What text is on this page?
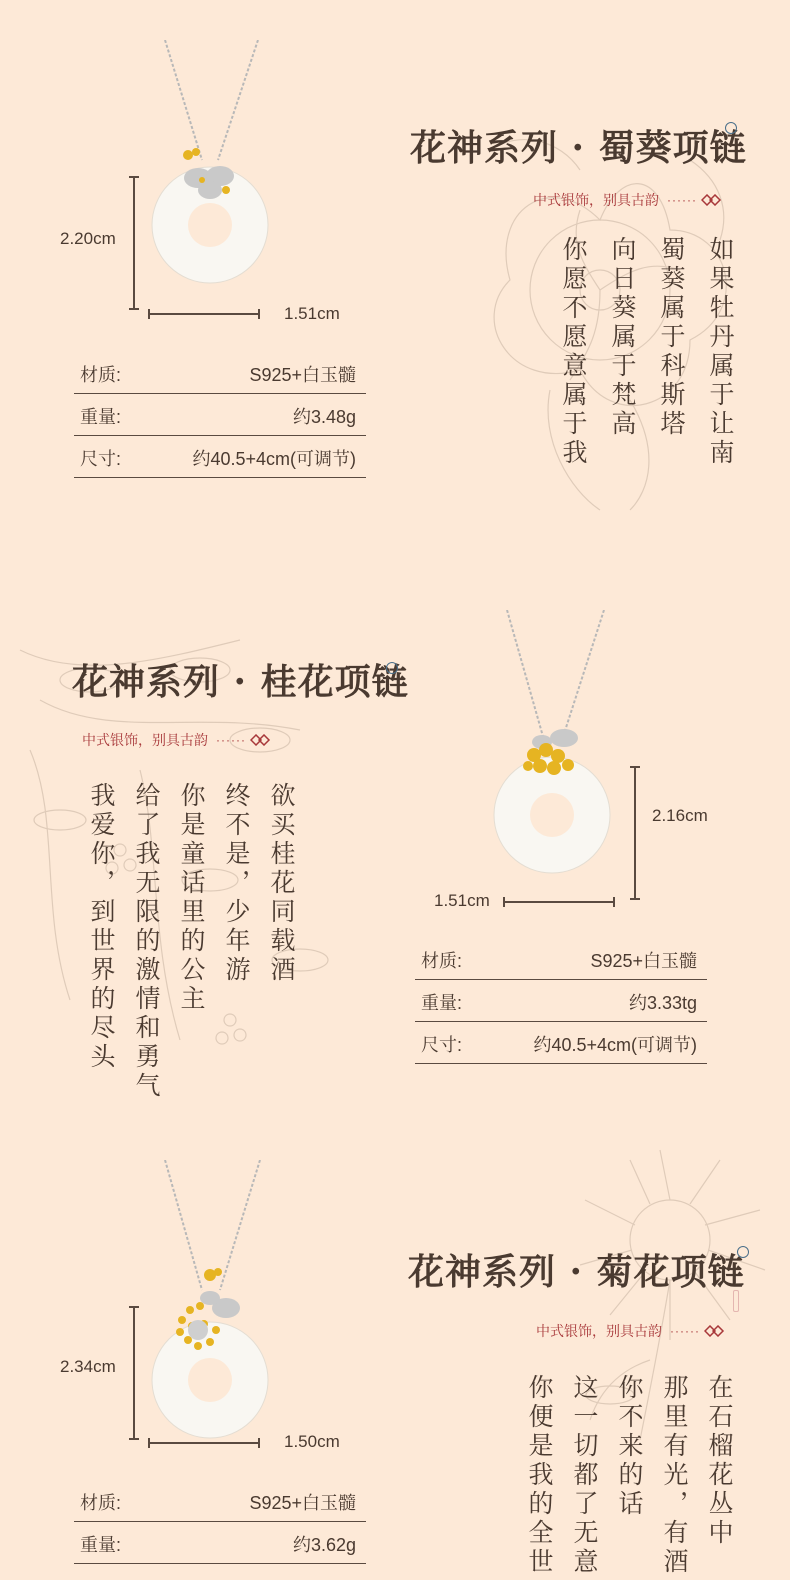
2.20cm
1.51cm
材质:	S925+白玉髓
重量:	约3.48g
尺寸:	约40.5+4cm(可调节)
花神系列 · 蜀葵项链
中式银饰，别具古韵 ······
如果牡丹属于让南
蜀葵属于科斯塔
向日葵属于梵高
你愿不愿意属于我
花神系列 · 桂花项链
中式银饰，别具古韵 ······
欲买桂花同载酒
终不是，少年游
你是童话里的公主
给了我无限的激情和勇气
我爱你，到世界的尽头	2.16cm
1.51cm
材质:	S925+白玉髓
重量:	约3.33tg
尺寸:	约40.5+4cm(可调节)
2.34cm
1.50cm
材质:	S925+白玉髓
重量:	约3.62g
花神系列 · 菊花项链
中式银饰，别具古韵 ······
在石榴花丛中
那里有光，有酒
你不来的话
这一切都了无意
你便是我的全世
